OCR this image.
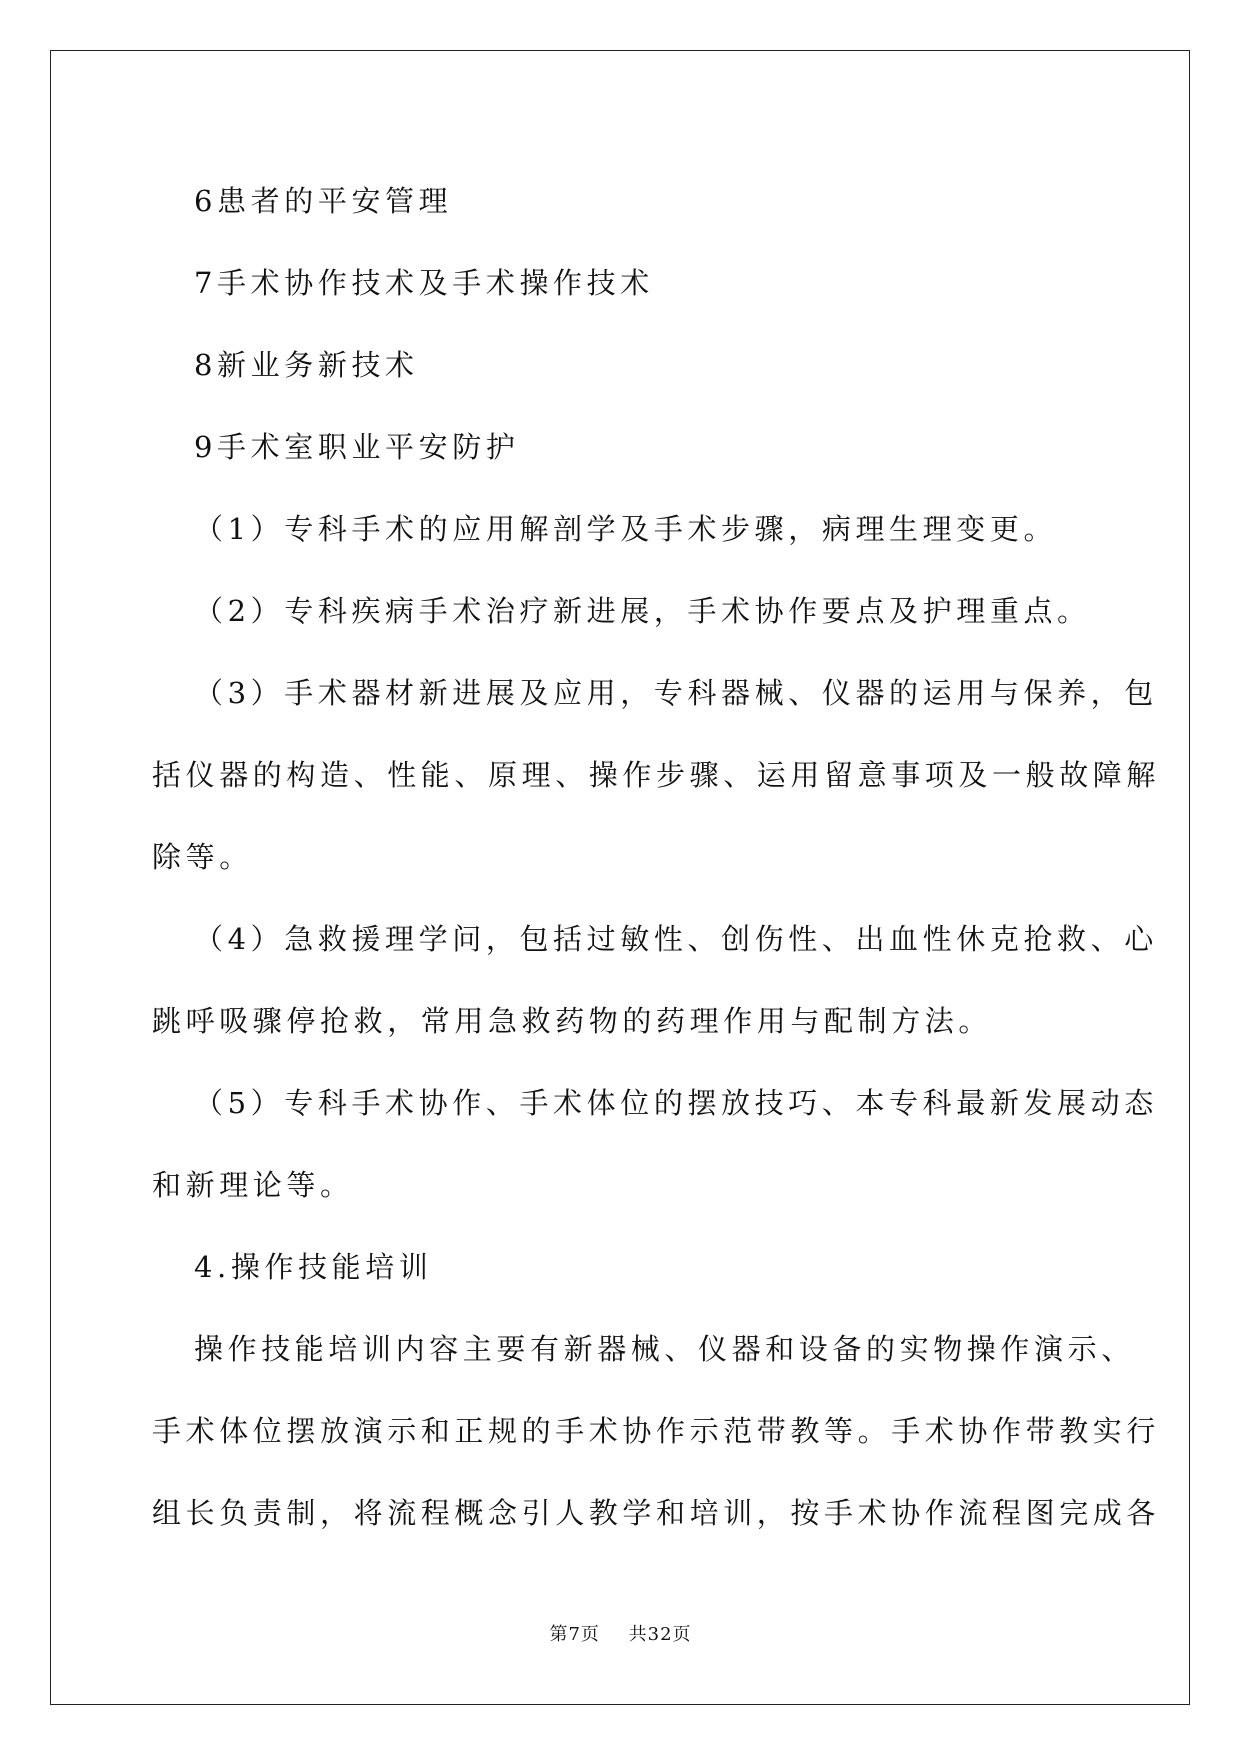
6患者的平安管理
7手术协作技术及手术操作技术
8新业务新技术
9手术室职业平安防护
（1）专科手术的应用解剖学及手术步骤，病理生理变更。
（2）专科疾病手术治疗新进展，手术协作要点及护理重点。
（3）手术器材新进展及应用，专科器械、仪器的运用与保养，包
括仪器的构造、性能、原理、操作步骤、运用留意事项及一般故障解
除等。
（4）急救援理学问，包括过敏性、创伤性、出血性休克抢救、心
跳呼吸骤停抢救，常用急救药物的药理作用与配制方法。
（5）专科手术协作、手术体位的摆放技巧、本专科最新发展动态
和新理论等。
4.操作技能培训
操作技能培训内容主要有新器械、仪器和设备的实物操作演示、
手术体位摆放演示和正规的手术协作示范带教等。手术协作带教实行
组长负责制，将流程概念引人教学和培训，按手术协作流程图完成各
第7页 共32页
